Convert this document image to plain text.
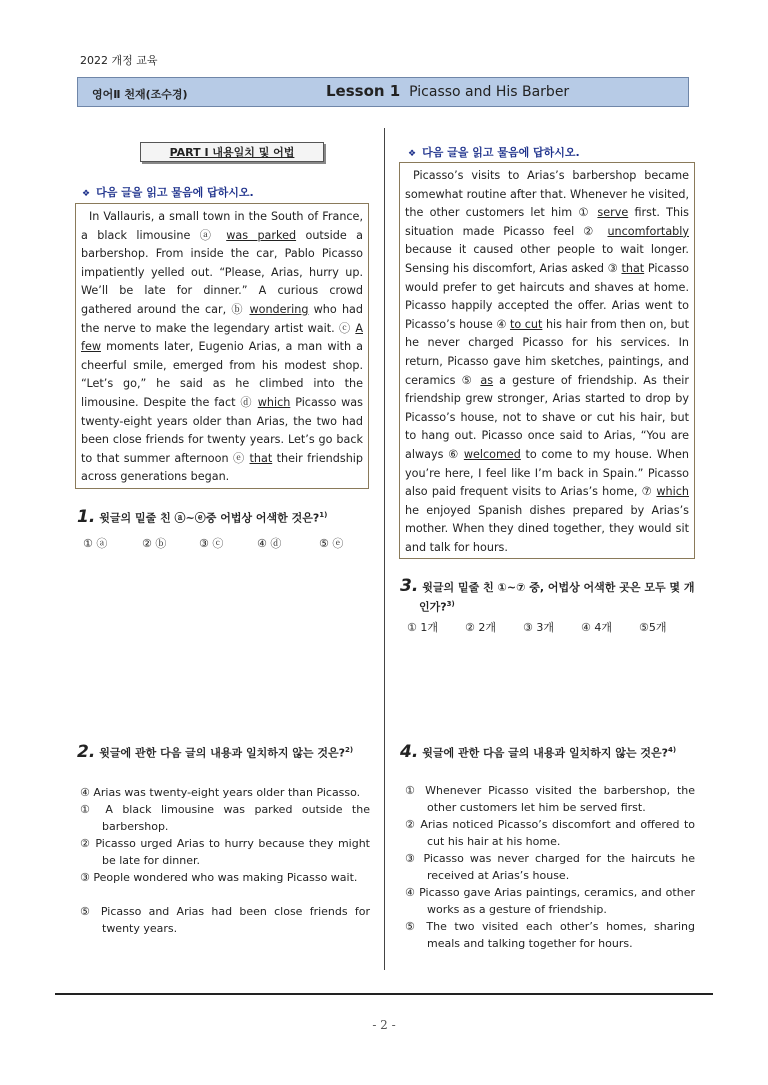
2022 개정 교육
영어Ⅱ 천재(조수경)	Lesson 1 Picasso and His Barber
PART Ⅰ 내용일치 및 어법
❖ 다음 글을 읽고 물음에 답하시오.

In Vallauris, a small town in the South of France, a black limousine ⓐ was parked outside a barbershop. From inside the car, Pablo Picasso impatiently yelled out. “Please, Arias, hurry up. We’ll be late for dinner.” A curious crowd gathered around the car, ⓑ wondering who had the nerve to make the legendary artist wait. ⓒ A few moments later, Eugenio Arias, a man with a cheerful smile, emerged from his modest shop. “Let’s go,” he said as he climbed into the limousine. Despite the fact ⓓ which Picasso was twenty-eight years older than Arias, the two had been close friends for twenty years. Let’s go back to that summer afternoon ⓔ that their friendship across generations began.

1. 윗글의 밑줄 친 ⓐ~ⓔ중 어법상 어색한 것은?$^{1)}$
① ⓐ	② ⓑ	③ ⓒ	④ ⓓ	⑤ ⓔ
2. 윗글에 관한 다음 글의 내용과 일치하지 않는 것은?$^{2)}$

④ Arias was twenty-eight years older than Picasso.

① A black limousine was parked outside the barbershop.

② Picasso urged Arias to hurry because they might be late for dinner.

③ People wondered who was making Picasso wait.

⑤ Picasso and Arias had been close friends for twenty years.

❖ 다음 글을 읽고 물음에 답하시오.

Picasso’s visits to Arias’s barbershop became somewhat routine after that. Whenever he visited, the other customers let him ① serve first. This situation made Picasso feel ② uncomfortably because it caused other people to wait longer. Sensing his discomfort, Arias asked ③ that Picasso would prefer to get haircuts and shaves at home. Picasso happily accepted the offer. Arias went to Picasso’s house ④ to cut his hair from then on, but he never charged Picasso for his services. In return, Picasso gave him sketches, paintings, and ceramics ⑤ as a gesture of friendship. As their friendship grew stronger, Arias started to drop by Picasso’s house, not to shave or cut his hair, but to hang out. Picasso once said to Arias, “You are always ⑥ welcomed to come to my house. When you’re here, I feel like I’m back in Spain.” Picasso also paid frequent visits to Arias’s home, ⑦ which he enjoyed Spanish dishes prepared by Arias’s mother. When they dined together, they would sit and talk for hours.

3. 윗글의 밑줄 친 ①~⑦ 중, 어법상 어색한 곳은 모두 몇 개인가?$^{3)}$
① 1개 ② 2개 ③ 3개 ④ 4개 ⑤5개
4. 윗글에 관한 다음 글의 내용과 일치하지 않는 것은?$^{4)}$

① Whenever Picasso visited the barbershop, the other customers let him be served first.

② Arias noticed Picasso’s discomfort and offered to cut his hair at his home.

③ Picasso was never charged for the haircuts he received at Arias’s house.

④ Picasso gave Arias paintings, ceramics, and other works as a gesture of friendship.

⑤ The two visited each other’s homes, sharing meals and talking together for hours.

- 2 -
